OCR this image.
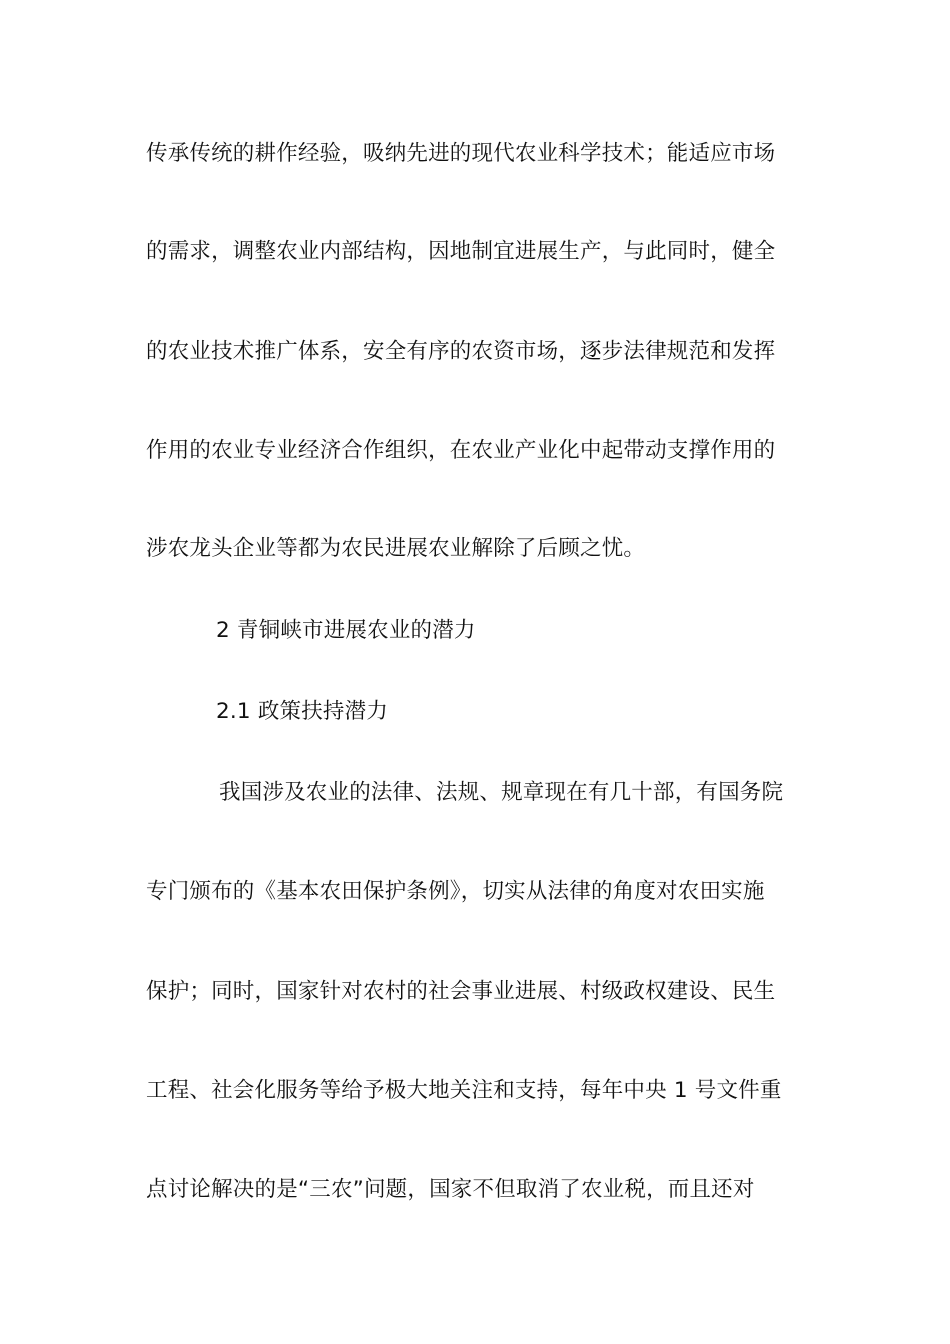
传承传统的耕作经验，吸纳先进的现代农业科学技术；能适应市场
的需求，调整农业内部结构，因地制宜进展生产，与此同时，健全
的农业技术推广体系，安全有序的农资市场，逐步法律规范和发挥
作用的农业专业经济合作组织，在农业产业化中起带动支撑作用的
涉农龙头企业等都为农民进展农业解除了后顾之忧。
2 青铜峡市进展农业的潜力
2.1 政策扶持潜力
我国涉及农业的法律、法规、规章现在有几十部，有国务院
专门颁布的《基本农田保护条例》，切实从法律的角度对农田实施
保护；同时，国家针对农村的社会事业进展、村级政权建设、民生
工程、社会化服务等给予极大地关注和支持，每年中央 1 号文件重
点讨论解决的是“三农”问题，国家不但取消了农业税，而且还对
